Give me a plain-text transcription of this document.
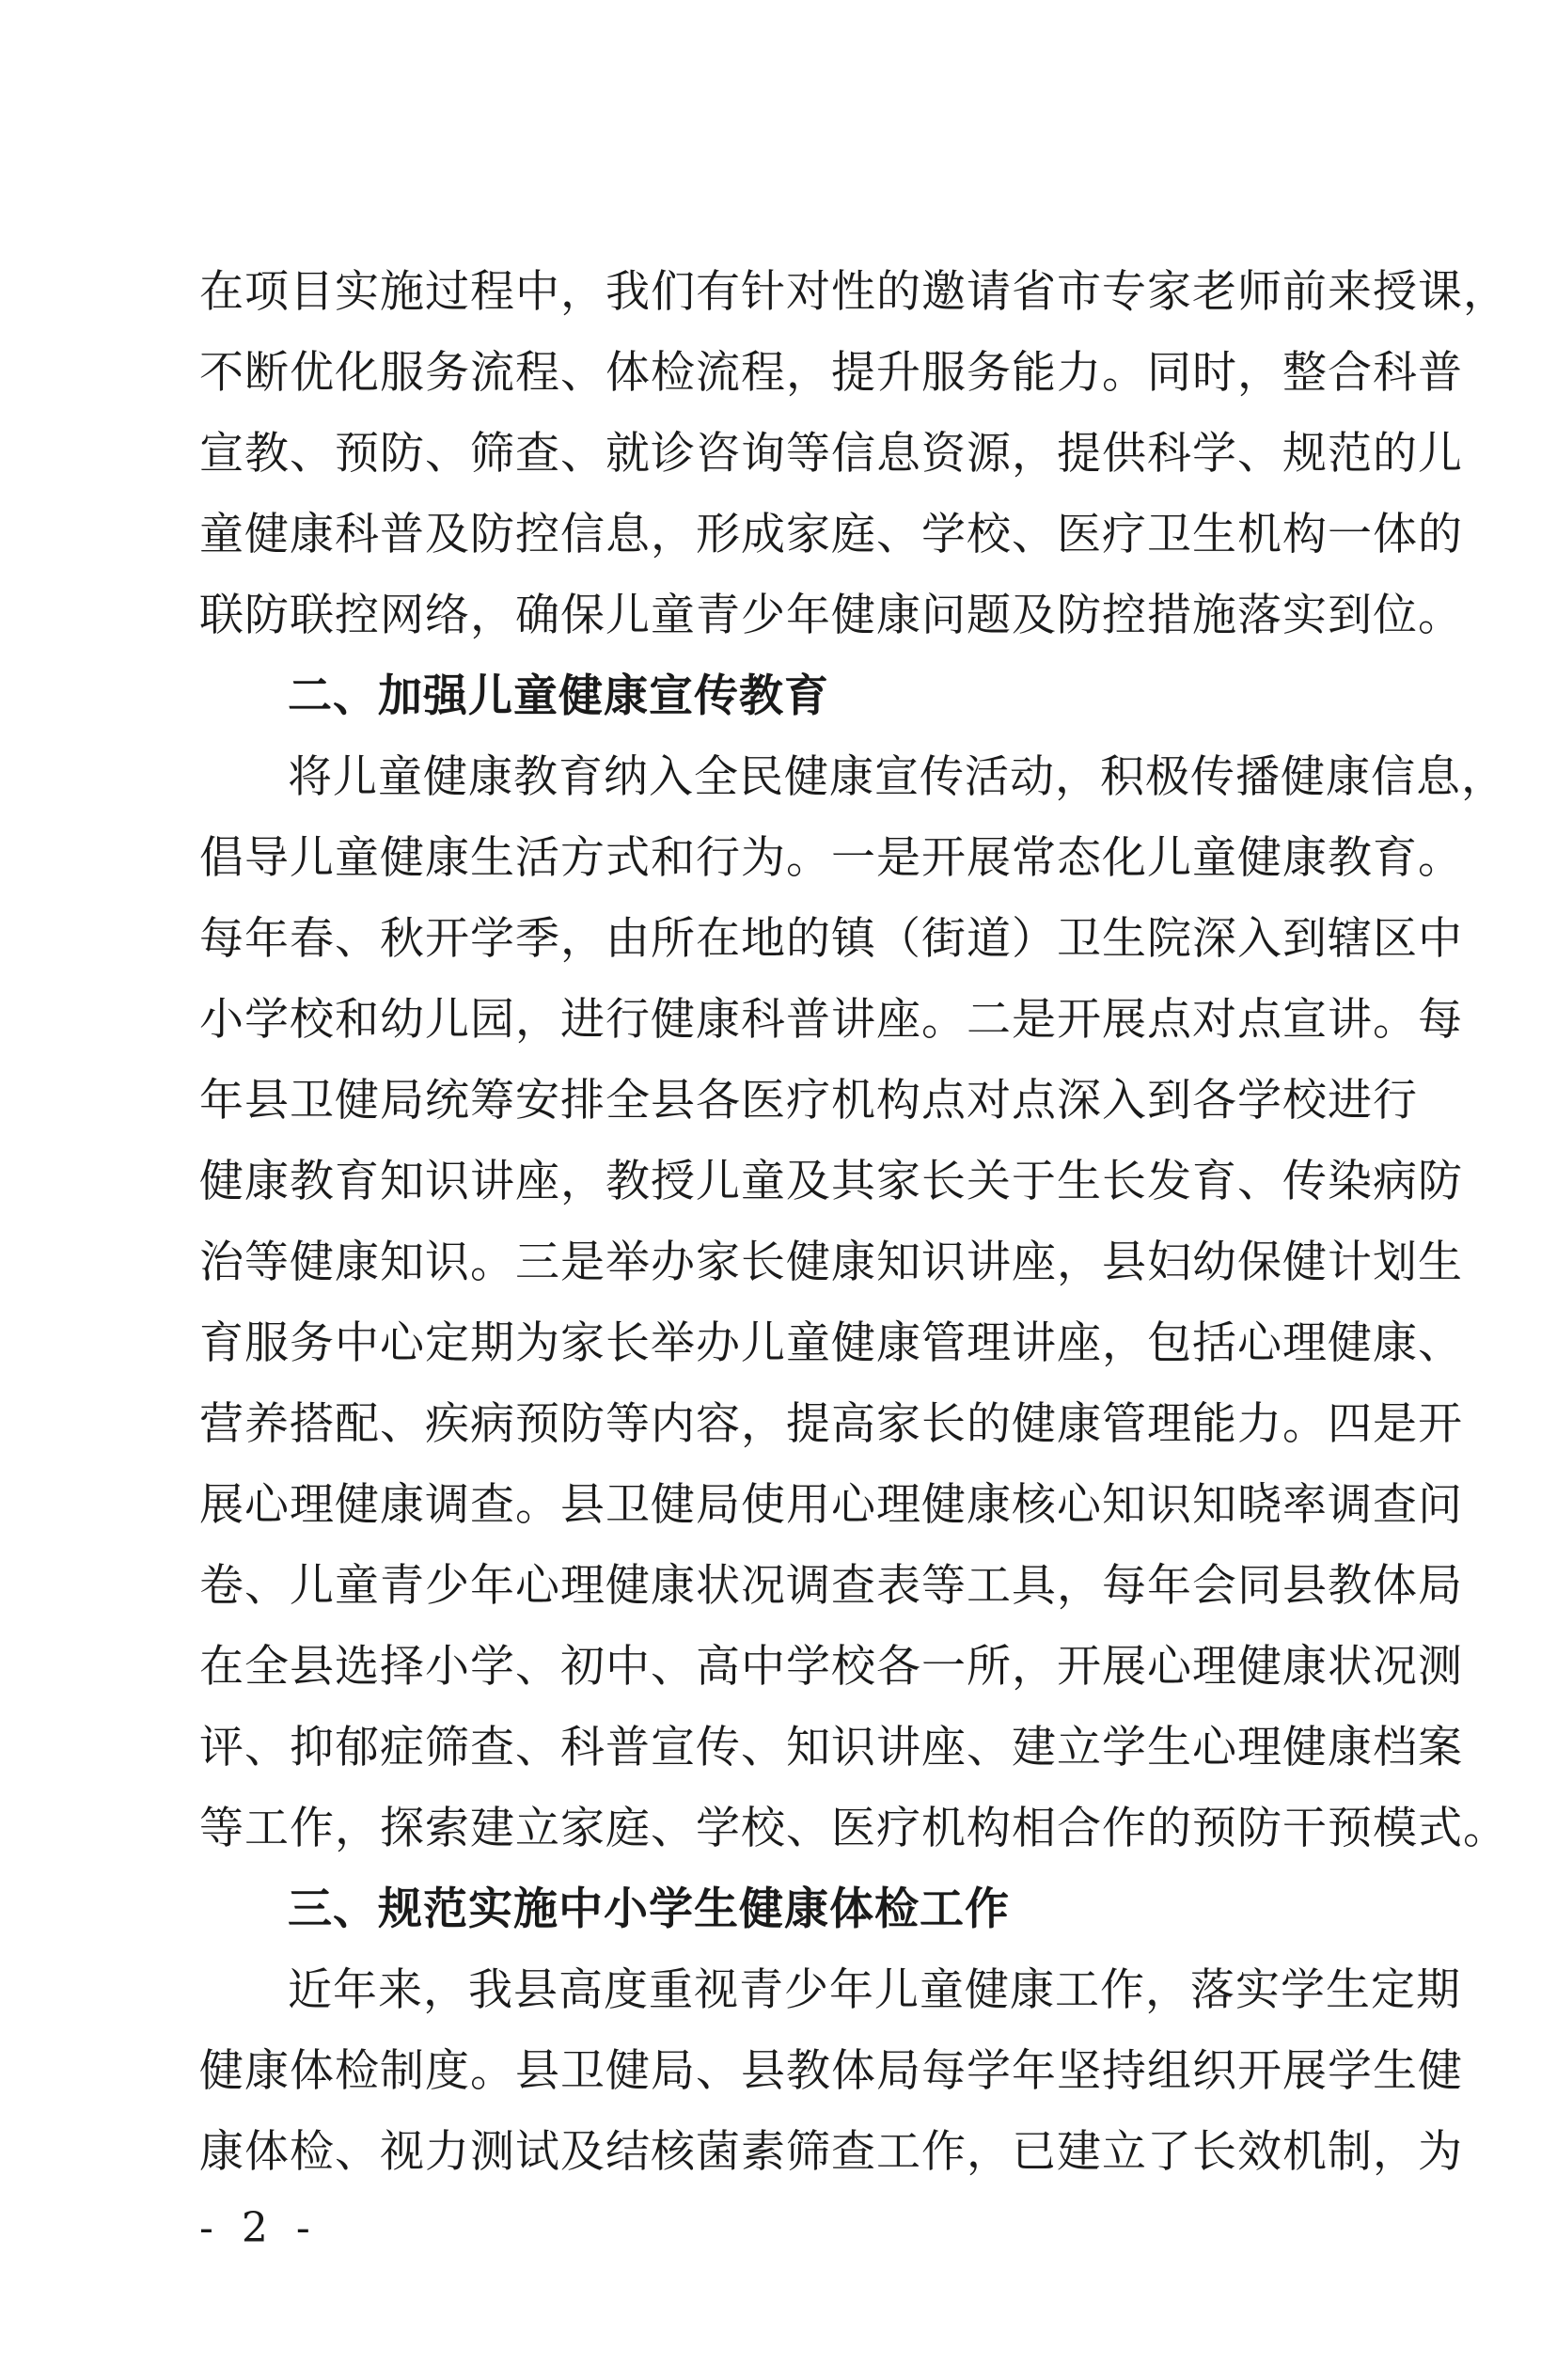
在项目实施过程中，我们有针对性的邀请省市专家老师前来授课，
不断优化服务流程、体检流程，提升服务能力。同时，整合科普
宣教、预防、筛查、就诊咨询等信息资源，提供科学、规范的儿
童健康科普及防控信息，形成家庭、学校、医疗卫生机构一体的
联防联控网络，确保儿童青少年健康问题及防控措施落实到位。
二、加强儿童健康宣传教育
将儿童健康教育纳入全民健康宣传活动，积极传播健康信息，
倡导儿童健康生活方式和行为。一是开展常态化儿童健康教育。
每年春、秋开学季，由所在地的镇（街道）卫生院深入到辖区中
小学校和幼儿园，进行健康科普讲座。二是开展点对点宣讲。每
年县卫健局统筹安排全县各医疗机构点对点深入到各学校进行
健康教育知识讲座，教授儿童及其家长关于生长发育、传染病防
治等健康知识。三是举办家长健康知识讲座，县妇幼保健计划生
育服务中心定期为家长举办儿童健康管理讲座，包括心理健康、
营养搭配、疾病预防等内容，提高家长的健康管理能力。四是开
展心理健康调查。县卫健局使用心理健康核心知识知晓率调查问
卷、儿童青少年心理健康状况调查表等工具，每年会同县教体局
在全县选择小学、初中、高中学校各一所，开展心理健康状况测
评、抑郁症筛查、科普宣传、知识讲座、建立学生心理健康档案
等工作，探索建立家庭、学校、医疗机构相合作的预防干预模式。
三、规范实施中小学生健康体检工作
近年来，我县高度重视青少年儿童健康工作，落实学生定期
健康体检制度。县卫健局、县教体局每学年坚持组织开展学生健
康体检、视力测试及结核菌素筛查工作，已建立了长效机制，为
- 2 -
